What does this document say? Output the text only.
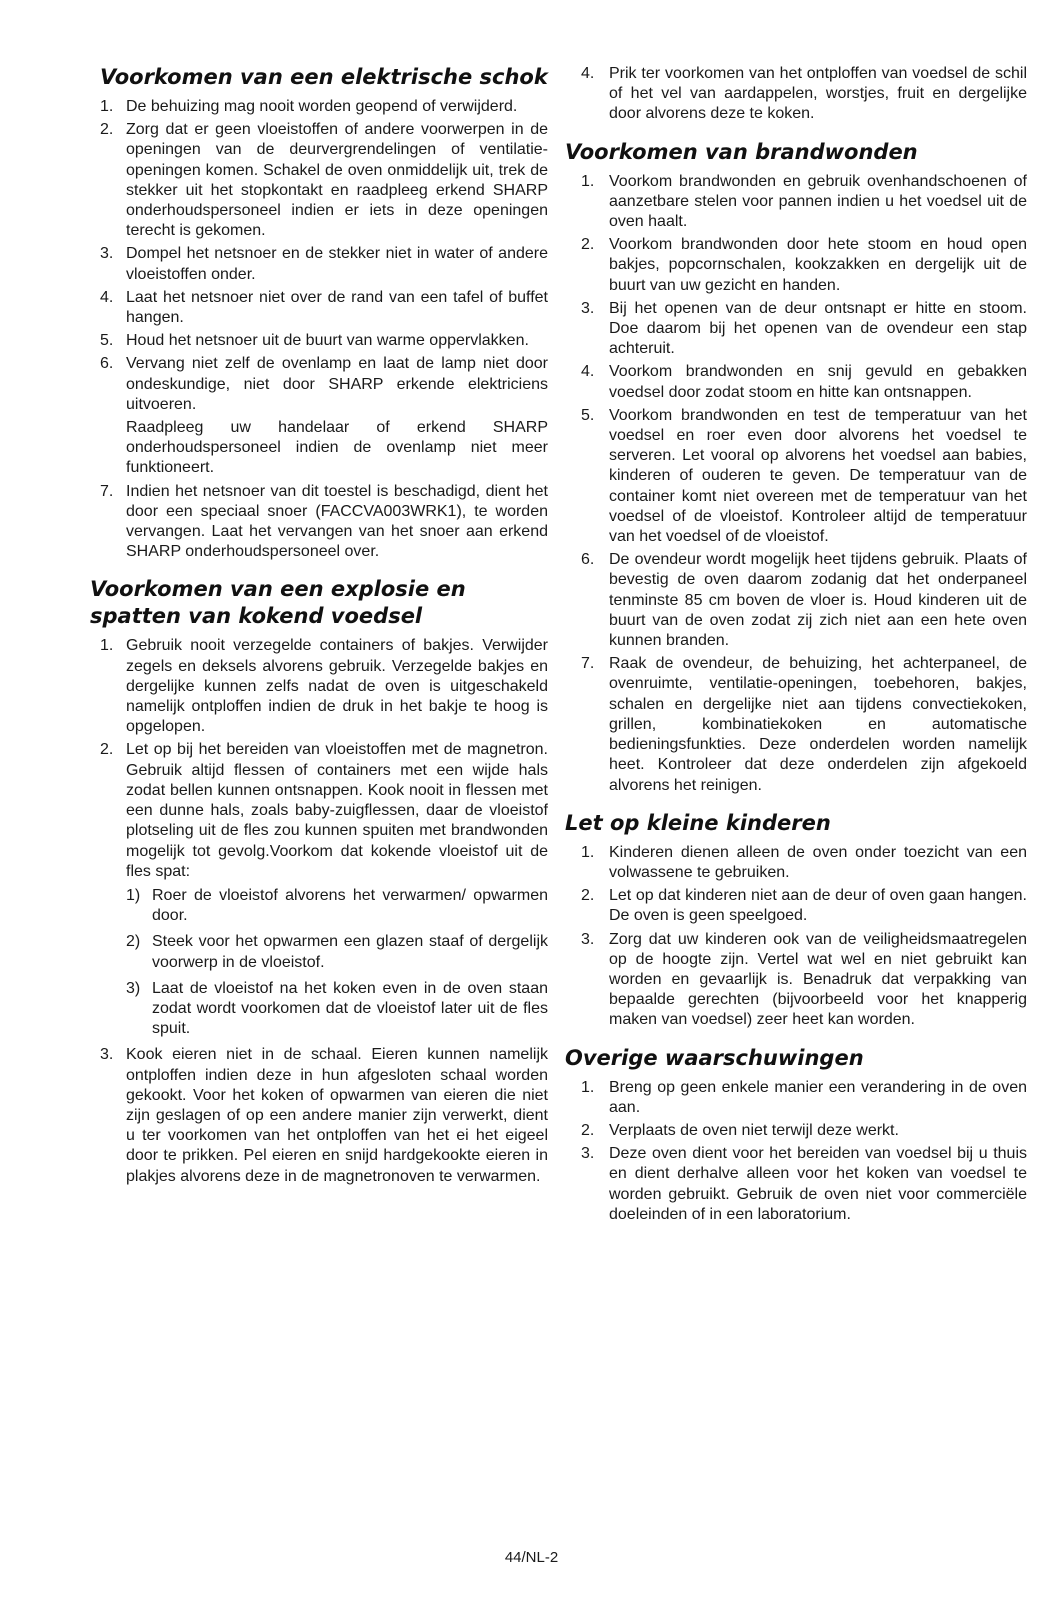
Voorkomen van een elektrische schok
1. De behuizing mag nooit worden geopend of verwijderd.
2. Zorg dat er geen vloeistoffen of andere voorwerpen in de openingen van de deurvergrendelingen of ventilatie-openingen komen. Schakel de oven onmiddelijk uit, trek de stekker uit het stopkontakt en raadpleeg erkend SHARP onderhoudspersoneel indien er iets in deze openingen terecht is gekomen.
3. Dompel het netsnoer en de stekker niet in water of andere vloeistoffen onder.
4. Laat het netsnoer niet over de rand van een tafel of buffet hangen.
5. Houd het netsnoer uit de buurt van warme oppervlakken.
6. Vervang niet zelf de ovenlamp en laat de lamp niet door ondeskundige, niet door SHARP erkende elektriciens uitvoeren.
Raadpleeg uw handelaar of erkend SHARP onderhoudspersoneel indien de ovenlamp niet meer funktioneert.
7. Indien het netsnoer van dit toestel is beschadigd, dient het door een speciaal snoer (FACCVA003WRK1), te worden vervangen. Laat het vervangen van het snoer aan erkend SHARP onderhoudspersoneel over.
Voorkomen van een explosie en spatten van kokend voedsel
1. Gebruik nooit verzegelde containers of bakjes. Verwijder zegels en deksels alvorens gebruik. Verzegelde bakjes en dergelijke kunnen zelfs nadat de oven is uitgeschakeld namelijk ontploffen indien de druk in het bakje te hoog is opgelopen.
2. Let op bij het bereiden van vloeistoffen met de magnetron. Gebruik altijd flessen of containers met een wijde hals zodat bellen kunnen ontsnappen. Kook nooit in flessen met een dunne hals, zoals baby-zuigflessen, daar de vloeistof plotseling uit de fles zou kunnen spuiten met brandwonden mogelijk tot gevolg.Voorkom dat kokende vloeistof uit de fles spat:
1) Roer de vloeistof alvorens het verwarmen/ opwarmen door.
2) Steek voor het opwarmen een glazen staaf of dergelijk voorwerp in de vloeistof.
3) Laat de vloeistof na het koken even in de oven staan zodat wordt voorkomen dat de vloeistof later uit de fles spuit.
3. Kook eieren niet in de schaal. Eieren kunnen namelijk ontploffen indien deze in hun afgesloten schaal worden gekookt. Voor het koken of opwarmen van eieren die niet zijn geslagen of op een andere manier zijn verwerkt, dient u ter voorkomen van het ontploffen van het ei het eigeel door te prikken. Pel eieren en snijd hardgekookte eieren in plakjes alvorens deze in de magnetronoven te verwarmen.
4. Prik ter voorkomen van het ontploffen van voedsel de schil of het vel van aardappelen, worstjes, fruit en dergelijke door alvorens deze te koken.
Voorkomen van brandwonden
1. Voorkom brandwonden en gebruik ovenhandschoenen of aanzetbare stelen voor pannen indien u het voedsel uit de oven haalt.
2. Voorkom brandwonden door hete stoom en houd open bakjes, popcornschalen, kookzakken en dergelijk uit de buurt van uw gezicht en handen.
3. Bij het openen van de deur ontsnapt er hitte en stoom. Doe daarom bij het openen van de ovendeur een stap achteruit.
4. Voorkom brandwonden en snij gevuld en gebakken voedsel door zodat stoom en hitte kan ontsnappen.
5. Voorkom brandwonden en test de temperatuur van het voedsel en roer even door alvorens het voedsel te serveren. Let vooral op alvorens het voedsel aan babies, kinderen of ouderen te geven. De temperatuur van de container komt niet overeen met de temperatuur van het voedsel of de vloeistof. Kontroleer altijd de temperatuur van het voedsel of de vloeistof.
6. De ovendeur wordt mogelijk heet tijdens gebruik. Plaats of bevestig de oven daarom zodanig dat het onderpaneel tenminste 85 cm boven de vloer is. Houd kinderen uit de buurt van de oven zodat zij zich niet aan een hete oven kunnen branden.
7. Raak de ovendeur, de behuizing, het achterpaneel, de ovenruimte, ventilatie-openingen, toebehoren, bakjes, schalen en dergelijke niet aan tijdens convectiekoken, grillen, kombinatiekoken en automatische bedieningsfunkties. Deze onderdelen worden namelijk heet. Kontroleer dat deze onderdelen zijn afgekoeld alvorens het reinigen.
Let op kleine kinderen
1. Kinderen dienen alleen de oven onder toezicht van een volwassene te gebruiken.
2. Let op dat kinderen niet aan de deur of oven gaan hangen. De oven is geen speelgoed.
3. Zorg dat uw kinderen ook van de veiligheidsmaatregelen op de hoogte zijn. Vertel wat wel en niet gebruikt kan worden en gevaarlijk is. Benadruk dat verpakking van bepaalde gerechten (bijvoorbeeld voor het knapperig maken van voedsel) zeer heet kan worden.
Overige waarschuwingen
1. Breng op geen enkele manier een verandering in de oven aan.
2. Verplaats de oven niet terwijl deze werkt.
3. Deze oven dient voor het bereiden van voedsel bij u thuis en dient derhalve alleen voor het koken van voedsel te worden gebruikt. Gebruik de oven niet voor commerciële doeleinden of in een laboratorium.
44/NL-2
